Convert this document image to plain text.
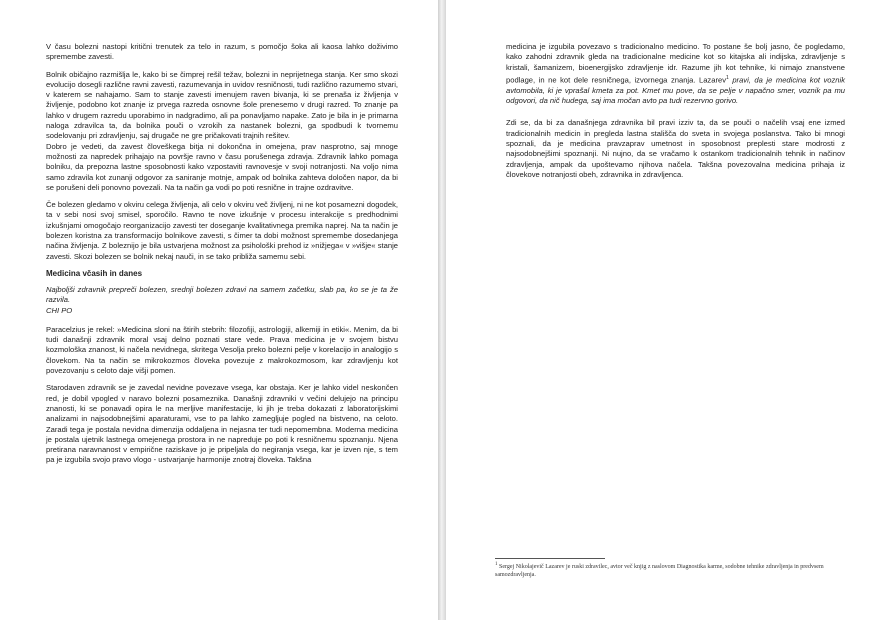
V času bolezni nastopi kritični trenutek za telo in razum, s pomočjo šoka ali kaosa lahko doživimo spremembe zavesti.

Bolnik običajno razmišlja le, kako bi se čimprej rešil težav, bolezni in neprijetnega stanja. Ker smo skozi evolucijo dosegli različne ravni zavesti, razumevanja in uvidov resničnosti, tudi različno razumemo stvari, v katerem se nahajamo. Sam to stanje zavesti imenujem raven bivanja, ki se prenaša iz življenja v življenje, podobno kot znanje iz prvega razreda osnovne šole prenesemo v drugi razred. To znanje pa lahko v drugem razredu uporabimo in nadgradimo, ali pa ponavljamo napake. Zato je bila in je primarna naloga zdravilca ta, da bolnika pouči o vzrokih za nastanek bolezni, ga spodbudi k tvornemu sodelovanju pri zdravljenju, saj drugače ne gre pričakovati trajnih rešitev.

Dobro je vedeti, da zavest človeškega bitja ni dokončna in omejena, prav nasprotno, saj mnoge možnosti za napredek prihajajo na površje ravno v času porušenega zdravja. Zdravnik lahko pomaga bolniku, da prepozna lastne sposobnosti kako vzpostaviti ravnovesje v svoji notranjosti. Na voljo nima samo zdravila kot zunanji odgovor za saniranje motnje, ampak od bolnika zahteva določen napor, da bi se porušeni deli ponovno povezali. Na ta način ga vodi po poti resnične in trajne ozdravitve.

Če bolezen gledamo v okviru celega življenja, ali celo v okviru več življenj, ni ne kot posamezni dogodek, ta v sebi nosi svoj smisel, sporočilo. Ravno te nove izkušnje v procesu interakcije s predhodnimi izkušnjami omogočajo reorganizacijo zavesti ter doseganje kvalitativnega premika naprej. Na ta način je bolezen koristna za transformacijo bolnikove zavesti, s čimer ta dobi možnost spremembe dosedanjega načina življenja. Z boleznijo je bila ustvarjena možnost za psihološki prehod iz »nižjega« v »višje« stanje zavesti. Skozi bolezen se bolnik nekaj nauči, in se tako približa samemu sebi.

Medicina včasih in danes

Najboljši zdravnik prepreči bolezen, srednji bolezen zdravi na samem začetku, slab pa, ko se je ta že razvila.

CHI PO

Paracelzius je rekel: »Medicina sloni na štirih stebrih: filozofiji, astrologiji, alkemiji in etiki«. Menim, da bi tudi današnji zdravnik moral vsaj delno poznati stare vede. Prava medicina je v svojem bistvu kozmološka znanost, ki načela nevidnega, skritega Vesolja preko bolezni pelje v korelacijo in analogijo s človekom. Na ta način se mikrokozmos človeka povezuje z makrokozmosom, kar zdravljenju kot povezovanju s celoto daje višji pomen.

Starodaven zdravnik se je zavedal nevidne povezave vsega, kar obstaja. Ker je lahko videl neskončen red, je dobil vpogled v naravo bolezni posameznika. Današnji zdravniki v večini delujejo na principu znanosti, ki se ponavadi opira le na merljive manifestacije, ki jih je treba dokazati z laboratorijskimi analizami in najsodobnejšimi aparaturami, vse to pa lahko zamegljuje pogled na bistveno, na celoto. Zaradi tega je postala nevidna dimenzija oddaljena in nejasna ter tudi nepomembna. Moderna medicina je postala ujetnik lastnega omejenega prostora in ne napreduje po poti k resničnemu spoznanju. Njena pretirana naravnanost v empirične raziskave jo je pripeljala do negiranja vsega, kar je izven nje, s tem pa je izgubila svojo pravo vlogo - ustvarjanje harmonije znotraj človeka. Takšna

medicina je izgubila povezavo s tradicionalno medicino. To postane še bolj jasno, če pogledamo, kako zahodni zdravnik gleda na tradicionalne medicine kot so kitajska ali indijska, zdravljenje s kristali, šamanizem, bioenergijsko zdravljenje idr. Razume jih kot tehnike, ki nimajo znanstvene podlage, in ne kot dele resničnega, izvornega znanja. Lazarev$^1$ pravi, da je medicina kot voznik avtomobila, ki je vprašal kmeta za pot. Kmet mu pove, da se pelje v napačno smer, voznik pa mu odgovori, da nič hudega, saj ima močan avto pa tudi rezervno gorivo.

Zdi se, da bi za današnjega zdravnika bil pravi izziv ta, da se pouči o načelih vsaj ene izmed tradicionalnih medicin in pregleda lastna stališča do sveta in svojega poslanstva. Tako bi mnogi spoznali, da je medicina pravzaprav umetnost in sposobnost preplesti stare modrosti z najsodobnejšimi spoznanji. Ni nujno, da se vračamo k ostankom tradicionalnih tehnik in načinov zdravljenja, ampak da upoštevamo njihova načela. Takšna povezovalna medicina prihaja iz človekove notranjosti obeh, zdravnika in zdravljenca.

$^1$ Sergej Nikolajevič Lazarev je ruski zdravilec, avtor več knjig z naslovom Diagnostika karme, sodobne tehnike zdravljenja in predvsem samozdravljenja.
